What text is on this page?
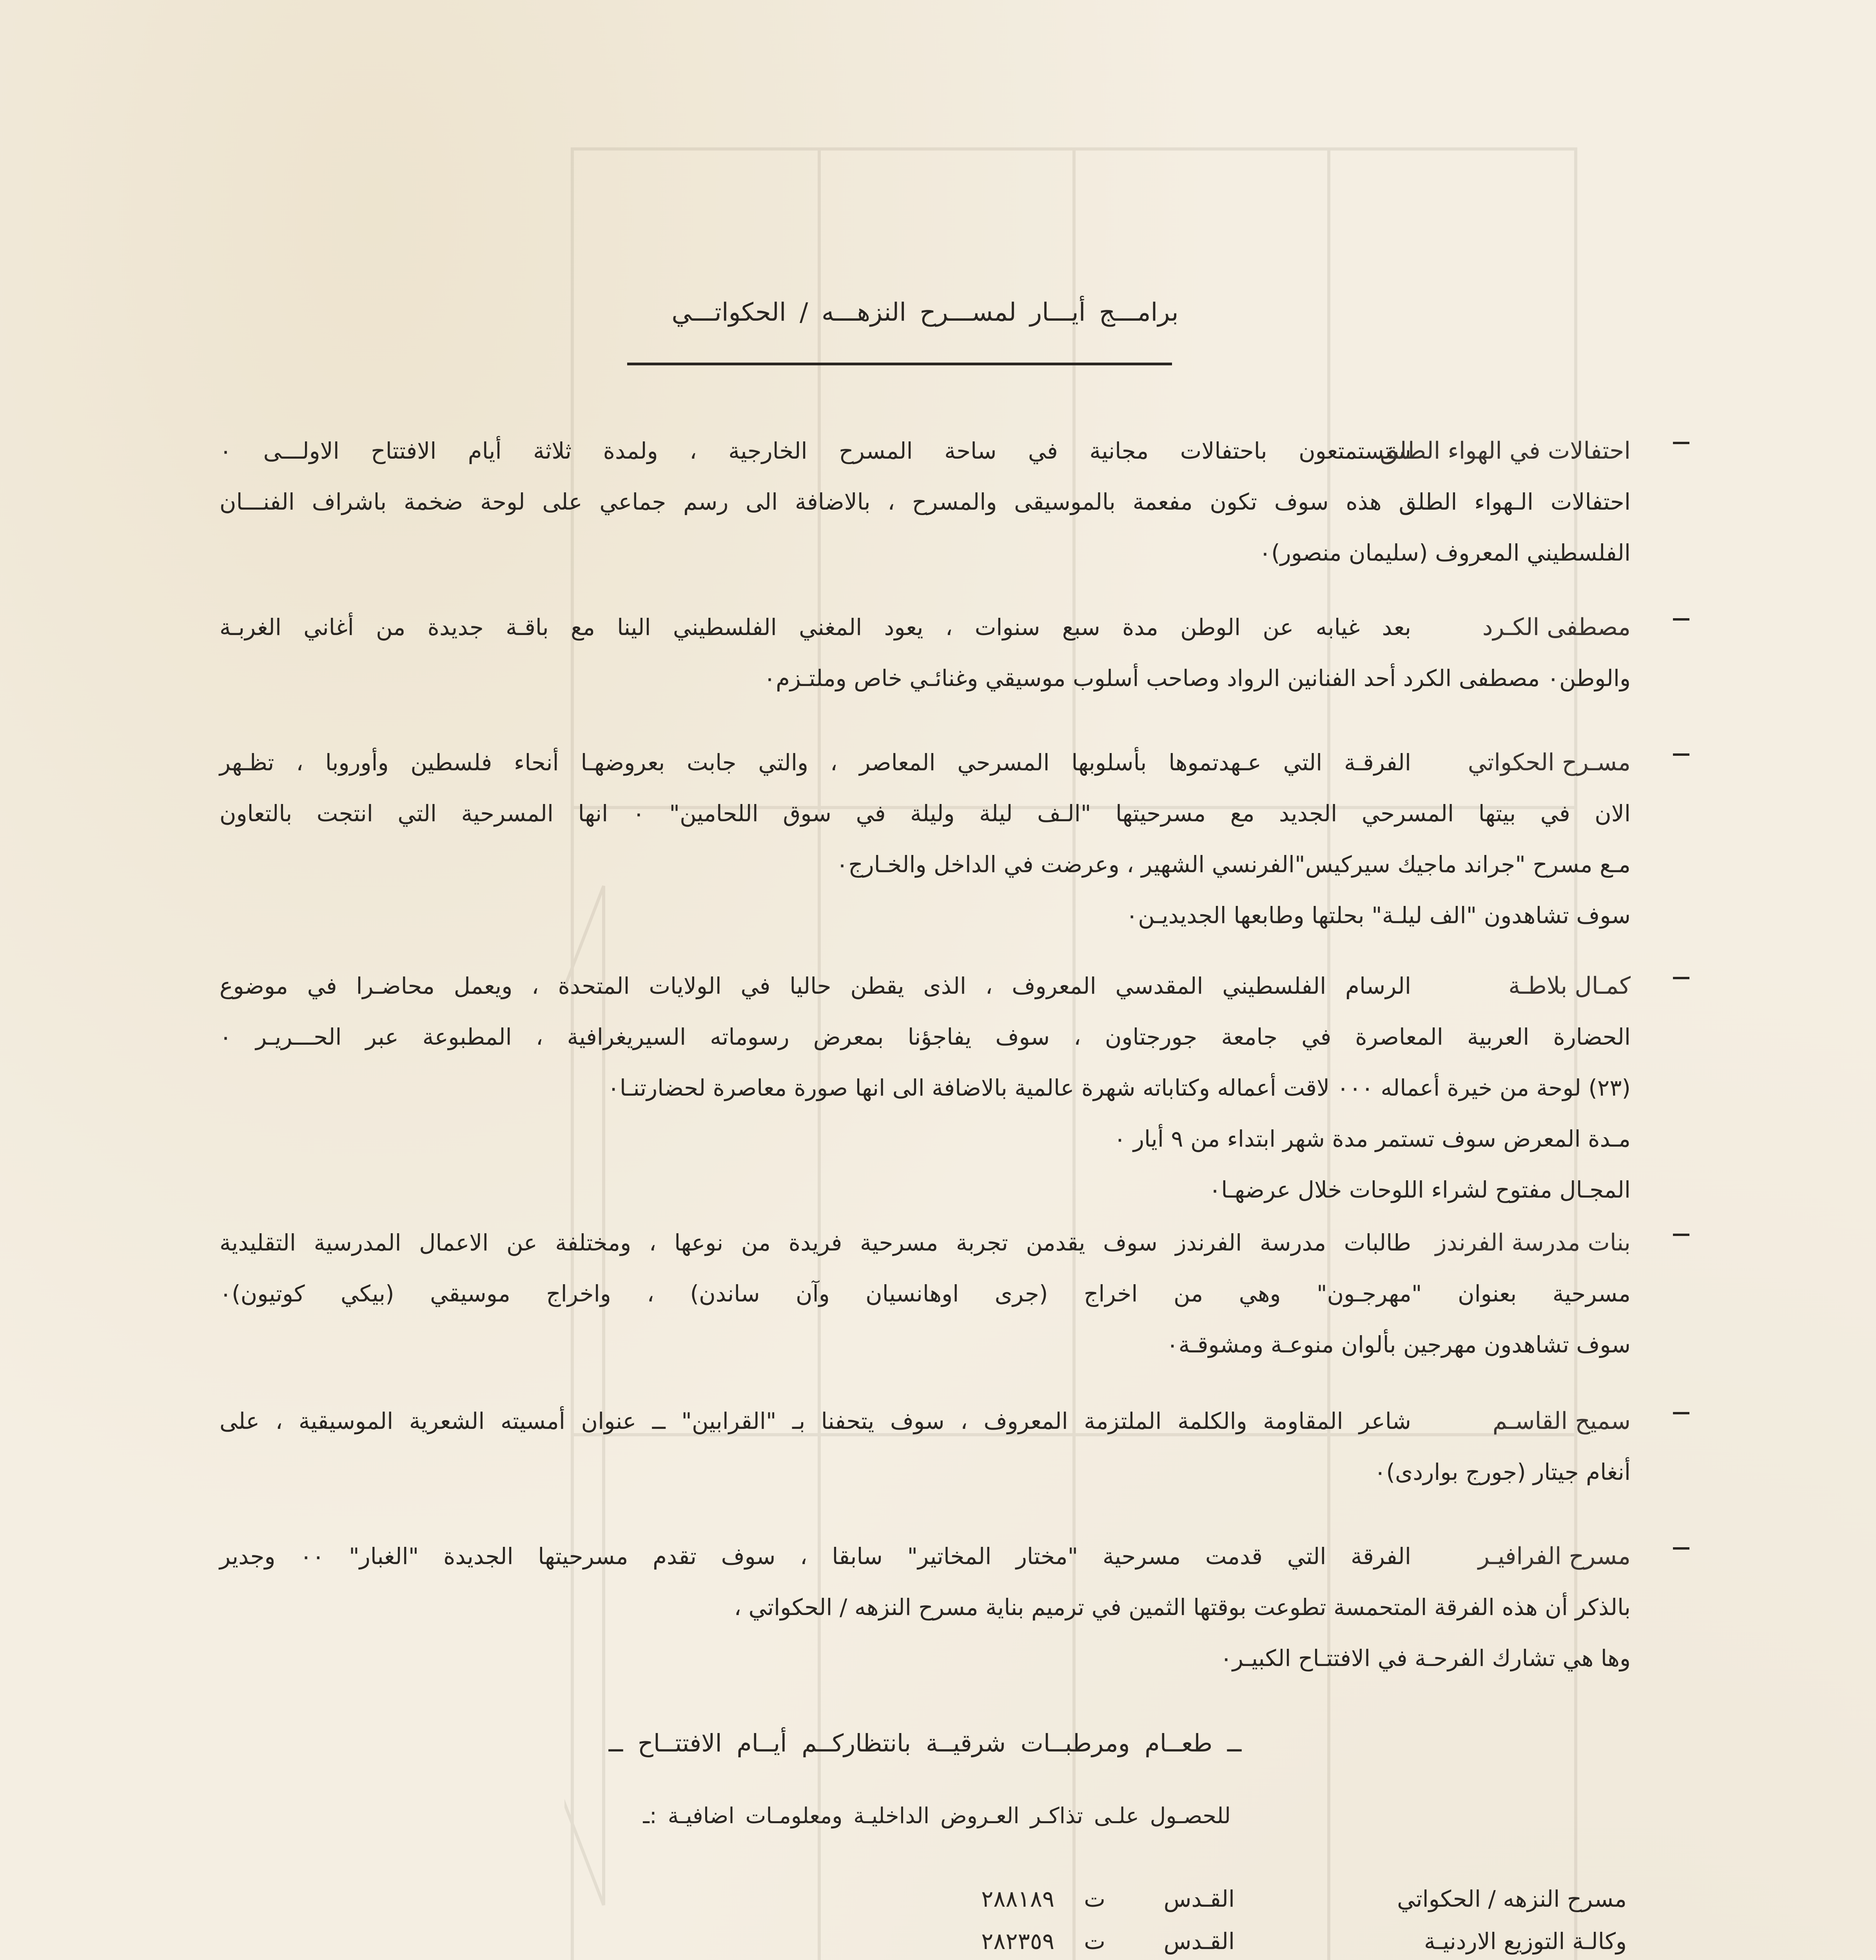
برامـــج أيـــار لمســـرح النزهـــه / الحكواتـــي
احتفالات في الهواء الطلق
ستستمتعون باحتفالات مجانية في ساحة المسرح الخارجية ، ولمدة ثلاثة أيام الافتتاح الاولـــى ٠
احتفالات الـهواء الطلق هذه سوف تكون مفعمة بالموسيقى والمسرح ، بالاضافة الى رسم جماعي على لوحة ضخمة باشراف الفنـــان
الفلسطيني المعروف (سليمان منصور)٠
مصطفى الكـرد
بعد غيابه عن الوطن مدة سبع سنوات ، يعود المغني الفلسطيني الينا مع باقـة جديدة من أغاني الغربـة
والوطن٠ مصطفى الكرد أحد الفنانين الرواد وصاحب أسلوب موسيقي وغنائـي خاص وملتـزم٠
مسـرح الحكواتي
الفرقـة التي عـهدتموها بأسلوبها المسرحي المعاصر ، والتي جابت بعروضهـا أنحاء فلسطين وأوروبا ، تظـهر
الان في بيتها المسرحي الجديد مع مسرحيتها "الـف ليلة وليلة في سوق اللحامين" ٠ انها المسرحية التي انتجت بالتعاون
مـع مسرح "جراند ماجيك سيركيس"الفرنسي الشهير ، وعرضت في الداخل والخـارج٠
سوف تشاهدون "الف ليلـة" بحلتها وطابعها الجديديـن٠
كمـال بلاطـة
الرسام الفلسطيني المقدسي المعروف ، الذى يقطن حاليا في الولايات المتحدة ، ويعمل محاضـرا في موضوع
الحضارة العربية المعاصرة في جامعة جورجتاون ، سوف يفاجؤنا بمعرض رسوماته السيريغرافية ، المطبوعة عبر الحـــريـر ٠
(٢٣) لوحة من خيرة أعماله ٠٠٠ لاقت أعماله وكتاباته شهرة عالمية بالاضافة الى انها صورة معاصرة لحضارتنـا٠
مـدة المعرض سوف تستمر مدة شهر ابتداء من ٩ أيار ٠
المجـال مفتوح لشراء اللوحات خلال عرضهـا٠
بنات مدرسة الفرندز
طالبات مدرسة الفرندز سوف يقدمن تجربة مسرحية فريدة من نوعها ، ومختلفة عن الاعمال المدرسية التقليدية
مسرحية بعنوان "مهرجـون" وهي من اخراج (جرى اوهانسيان وآن ساندن) ، واخراج موسيقي (بيكي كوتيون)٠
سوف تشاهدون مهرجين بألوان منوعـة ومشوقـة٠
سميح القاسـم
شاعر المقاومة والكلمة الملتزمة المعروف ، سوف يتحفنا بـ "القرابين" ــ عنوان أمسيته الشعرية الموسيقية ، على
أنغام جيتار (جورج بواردى)٠
مسرح الفرافيـر
الفرقة التي قدمت مسرحية "مختار المخاتير" سابقا ، سوف تقدم مسرحيتها الجديدة "الغبار" ٠٠ وجدير
بالذكر أن هذه الفرقة المتحمسة تطوعت بوقتها الثمين في ترميم بناية مسرح النزهه / الحكواتي ،
وها هي تشارك الفرحـة في الافتتـاح الكبيـر٠
ــ طعــام ومرطبــات شرقيــة بانتظاركــم أيــام الافتتــاح ــ
للحصـول علـى تذاكـر العـروض الداخليـة ومعلومـات اضافيـة :ـ
مسرح النزهه / الحكواتي
القـدس
ت
٢٨٨١٨٩
وكالـة التوزيع الاردنيـة
القـدس
ت
٢٨٢٣٥٩
